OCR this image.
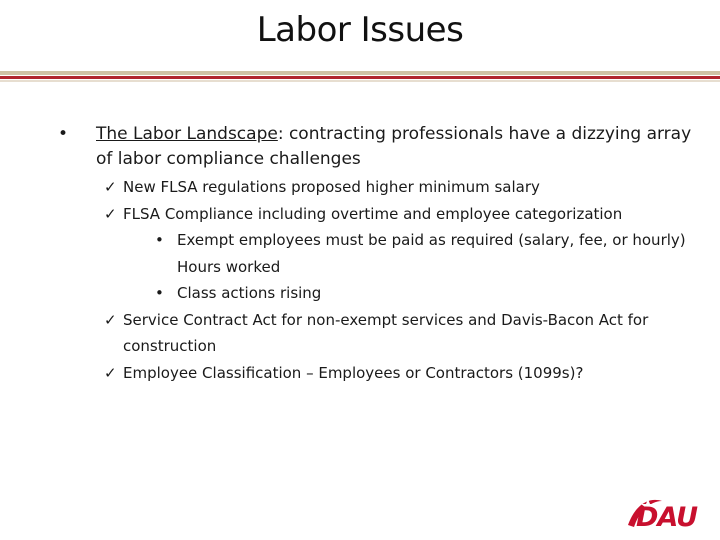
Labor Issues
• The Labor Landscape: contracting professionals have a dizzying array of labor compliance challenges
✓ New FLSA regulations proposed higher minimum salary
✓ FLSA Compliance including overtime and employee categorization
• Exempt employees must be paid as required (salary, fee, or hourly) Hours worked
• Class actions rising
✓ Service Contract Act for non-exempt services and Davis-Bacon Act for construction
✓ Employee Classification – Employees or Contractors (1099s)?
DAU
